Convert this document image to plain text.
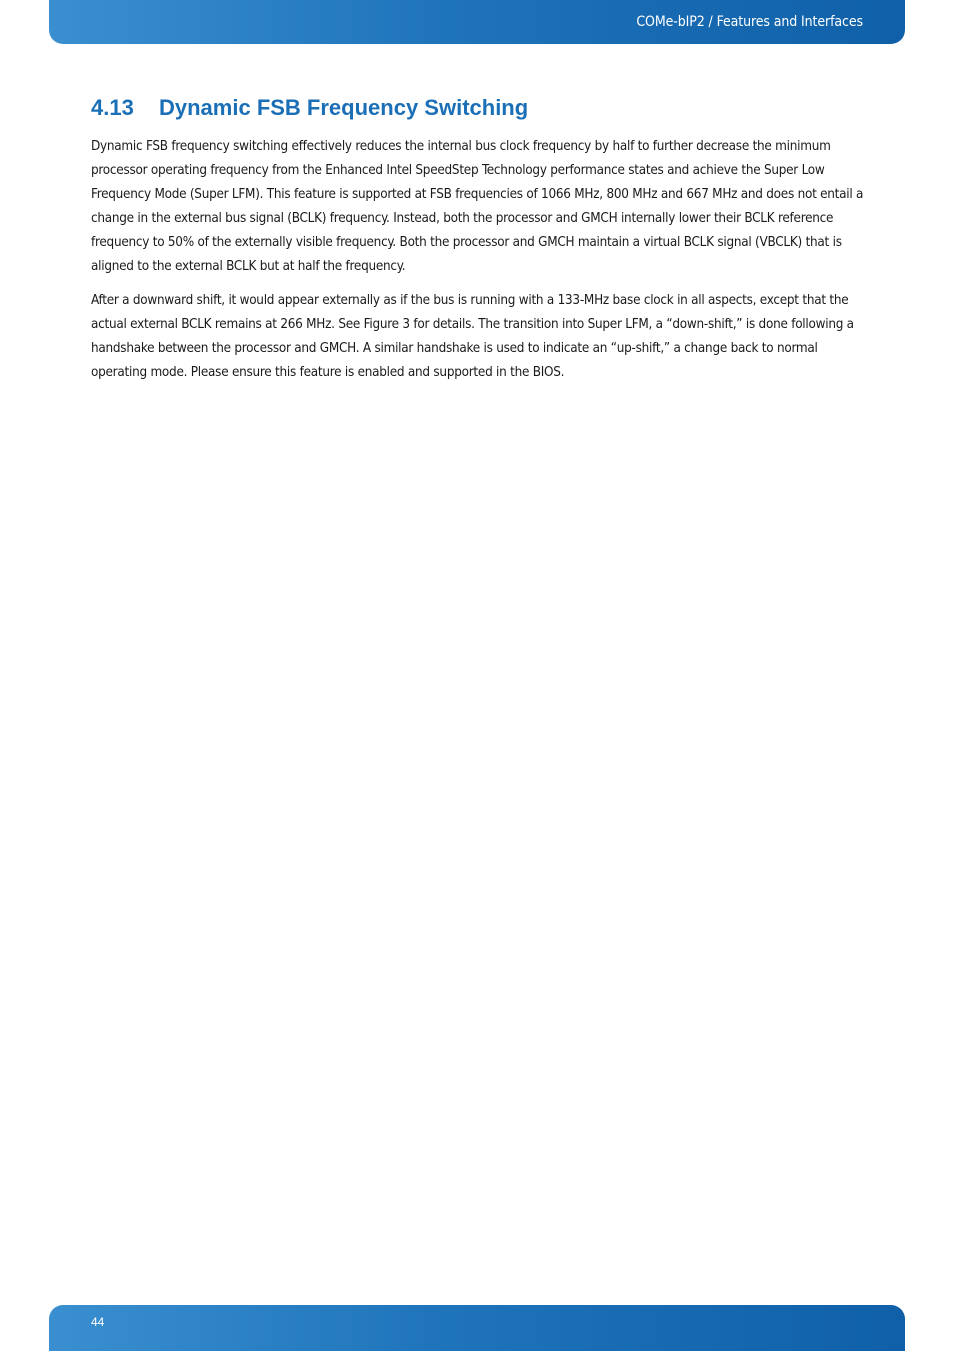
COMe-bIP2 / Features and Interfaces
4.13 Dynamic FSB Frequency Switching

Dynamic FSB frequency switching effectively reduces the internal bus clock frequency by half to further decrease the minimum processor operating frequency from the Enhanced Intel SpeedStep Technology performance states and achieve the Super Low Frequency Mode (Super LFM). This feature is supported at FSB frequencies of 1066 MHz, 800 MHz and 667 MHz and does not entail a change in the external bus signal (BCLK) frequency. Instead, both the processor and GMCH internally lower their BCLK reference frequency to 50% of the externally visible frequency. Both the processor and GMCH maintain a virtual BCLK signal (VBCLK) that is aligned to the external BCLK but at half the frequency.

After a downward shift, it would appear externally as if the bus is running with a 133-MHz base clock in all aspects, except that the actual external BCLK remains at 266 MHz. See Figure 3 for details. The transition into Super LFM, a “down-shift,” is done following a handshake between the processor and GMCH. A similar handshake is used to indicate an “up-shift,” a change back to normal operating mode. Please ensure this feature is enabled and supported in the BIOS.

44
